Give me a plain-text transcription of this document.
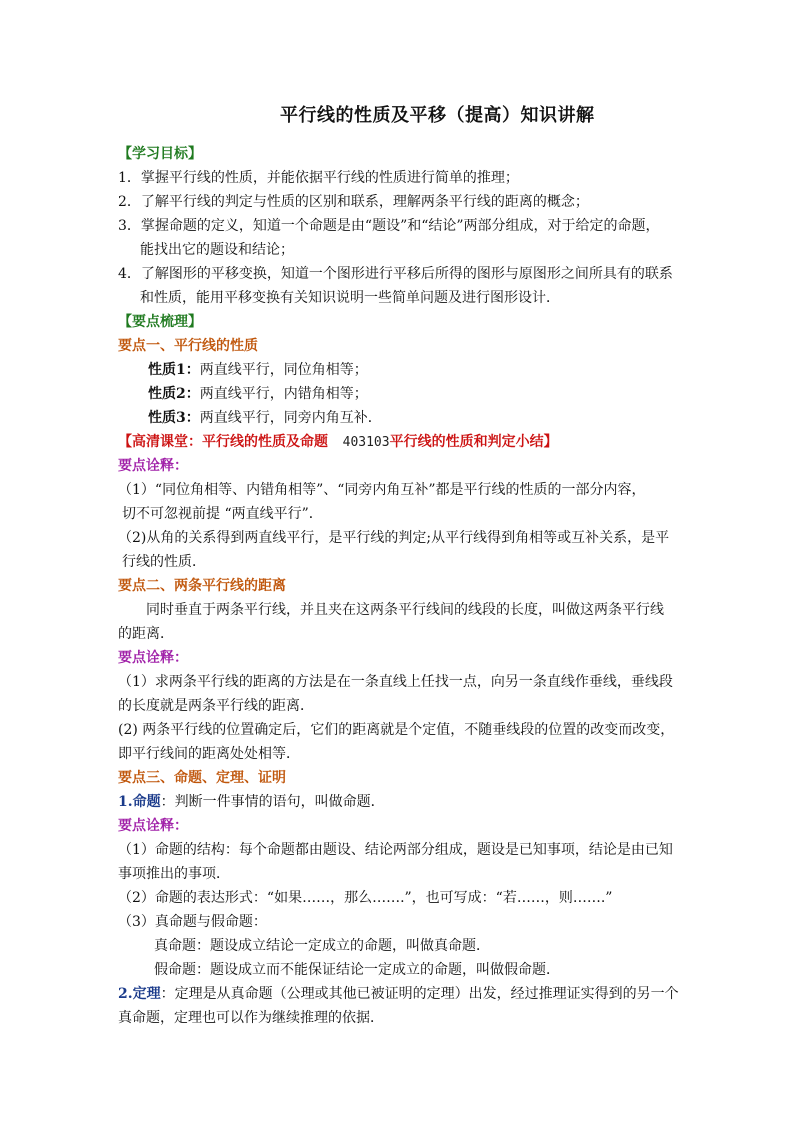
平行线的性质及平移（提高）知识讲解
【学习目标】
1．掌握平行线的性质，并能依据平行线的性质进行简单的推理；
2．了解平行线的判定与性质的区别和联系，理解两条平行线的距离的概念；
3．掌握命题的定义，知道一个命题是由“题设”和“结论”两部分组成，对于给定的命题，
能找出它的题设和结论；
4．了解图形的平移变换，知道一个图形进行平移后所得的图形与原图形之间所具有的联系
和性质，能用平移变换有关知识说明一些简单问题及进行图形设计．
【要点梳理】
要点一、平行线的性质
性质1：两直线平行，同位角相等；
性质2：两直线平行，内错角相等；
性质3：两直线平行，同旁内角互补．
【高清课堂：平行线的性质及命题 403103平行线的性质和判定小结】
要点诠释：
（1）“同位角相等、内错角相等”、“同旁内角互补”都是平行线的性质的一部分内容，
切不可忽视前提 “两直线平行”．
（2)从角的关系得到两直线平行，是平行线的判定;从平行线得到角相等或互补关系，是平
行线的性质．
要点二、两条平行线的距离
同时垂直于两条平行线，并且夹在这两条平行线间的线段的长度，叫做这两条平行线
的距离．
要点诠释：
（1）求两条平行线的距离的方法是在一条直线上任找一点，向另一条直线作垂线，垂线段
的长度就是两条平行线的距离．
(2) 两条平行线的位置确定后，它们的距离就是个定值，不随垂线段的位置的改变而改变，
即平行线间的距离处处相等．
要点三、命题、定理、证明
1.命题：判断一件事情的语句，叫做命题．
要点诠释：
（1）命题的结构：每个命题都由题设、结论两部分组成，题设是已知事项，结论是由已知
事项推出的事项．
（2）命题的表达形式：“如果……，那么…….”，也可写成：“若……，则…….”
（3）真命题与假命题：
真命题：题设成立结论一定成立的命题，叫做真命题．
假命题：题设成立而不能保证结论一定成立的命题，叫做假命题．
2.定理：定理是从真命题（公理或其他已被证明的定理）出发，经过推理证实得到的另一个
真命题，定理也可以作为继续推理的依据．
